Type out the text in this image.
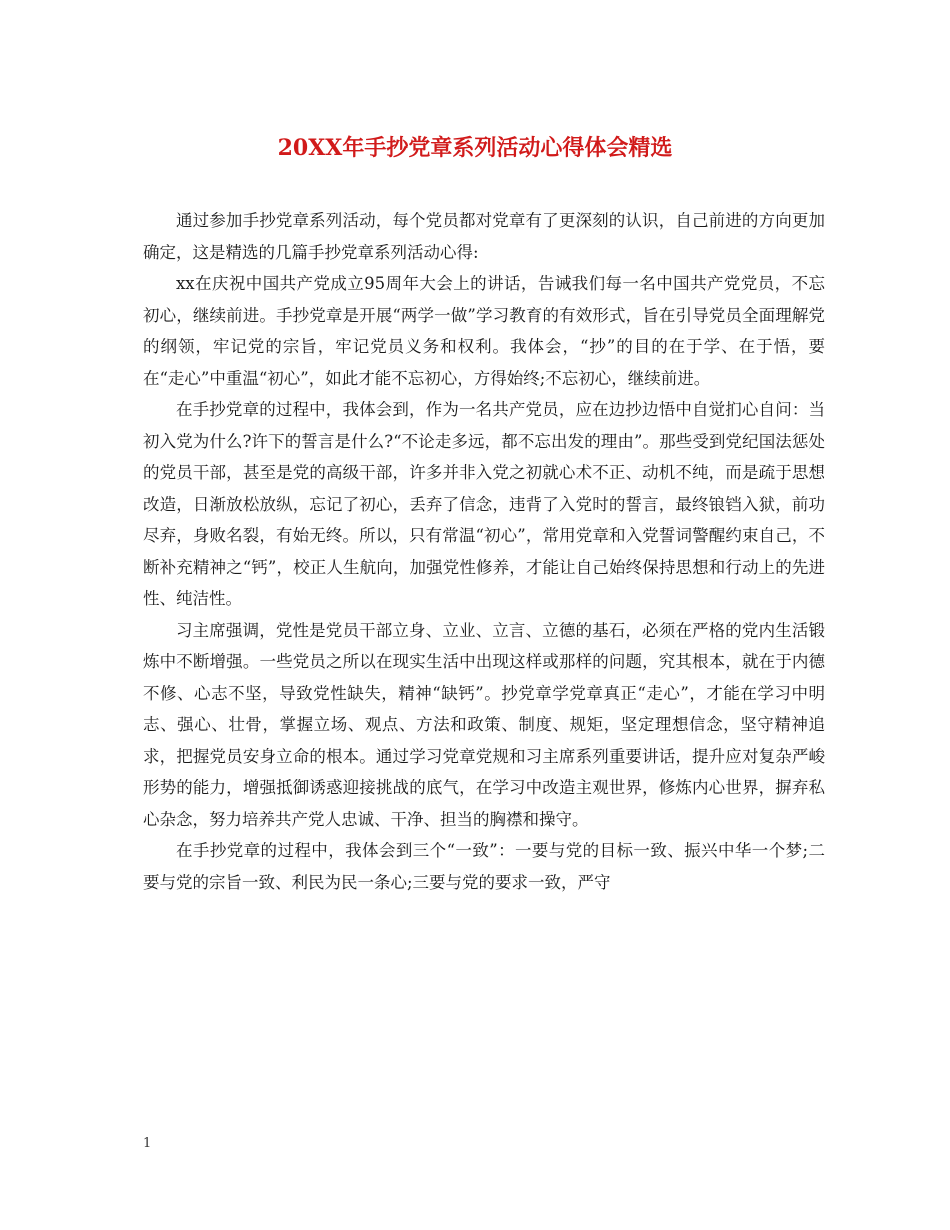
20XX年手抄党章系列活动心得体会精选

通过参加手抄党章系列活动，每个党员都对党章有了更深刻的认识，自己前进的方向更加确定，这是精选的几篇手抄党章系列活动心得:

xx在庆祝中国共产党成立95周年大会上的讲话，告诫我们每一名中国共产党党员，不忘初心，继续前进。手抄党章是开展“两学一做”学习教育的有效形式，旨在引导党员全面理解党的纲领，牢记党的宗旨，牢记党员义务和权利。我体会，“抄”的目的在于学、在于悟，要在“走心”中重温“初心”，如此才能不忘初心，方得始终;不忘初心，继续前进。

在手抄党章的过程中，我体会到，作为一名共产党员，应在边抄边悟中自觉扪心自问：当初入党为什么?许下的誓言是什么?“不论走多远，都不忘出发的理由”。那些受到党纪国法惩处的党员干部，甚至是党的高级干部，许多并非入党之初就心术不正、动机不纯，而是疏于思想改造，日渐放松放纵，忘记了初心，丢弃了信念，违背了入党时的誓言，最终锒铛入狱，前功尽弃，身败名裂，有始无终。所以，只有常温“初心”，常用党章和入党誓词警醒约束自己，不断补充精神之“钙”，校正人生航向，加强党性修养，才能让自己始终保持思想和行动上的先进性、纯洁性。

习主席强调，党性是党员干部立身、立业、立言、立德的基石，必须在严格的党内生活锻炼中不断增强。一些党员之所以在现实生活中出现这样或那样的问题，究其根本，就在于内德不修、心志不坚，导致党性缺失，精神“缺钙”。抄党章学党章真正“走心”，才能在学习中明志、强心、壮骨，掌握立场、观点、方法和政策、制度、规矩，坚定理想信念，坚守精神追求，把握党员安身立命的根本。通过学习党章党规和习主席系列重要讲话，提升应对复杂严峻形势的能力，增强抵御诱惑迎接挑战的底气，在学习中改造主观世界，修炼内心世界，摒弃私心杂念，努力培养共产党人忠诚、干净、担当的胸襟和操守。

在手抄党章的过程中，我体会到三个“一致”：一要与党的目标一致、振兴中华一个梦;二要与党的宗旨一致、利民为民一条心;三要与党的要求一致，严守

1
